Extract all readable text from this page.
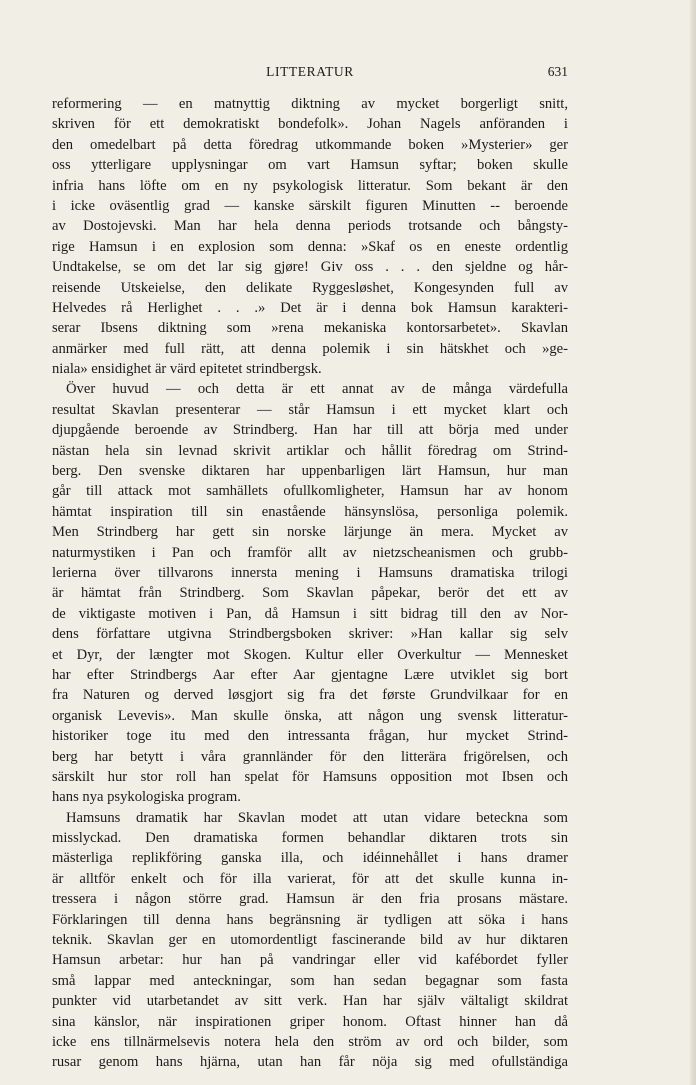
LITTERATUR	631
reformering — en matnyttig diktning av mycket borgerligt snitt,
skriven för ett demokratiskt bondefolk». Johan Nagels anföranden i
den omedelbart på detta föredrag utkommande boken »Mysterier» ger
oss ytterligare upplysningar om vart Hamsun syftar; boken skulle
infria hans löfte om en ny psykologisk litteratur. Som bekant är den
i icke oväsentlig grad — kanske särskilt figuren Minutten -- beroende
av Dostojevski. Man har hela denna periods trotsande och bångsty-
rige Hamsun i en explosion som denna: »Skaf os en eneste ordentlig
Undtakelse, se om det lar sig gjøre! Giv oss . . . den sjeldne og hår-
reisende Utskeielse, den delikate Ryggesløshet, Kongesynden full av
Helvedes rå Herlighet . . .» Det är i denna bok Hamsun karakteri-
serar Ibsens diktning som »rena mekaniska kontorsarbetet». Skavlan
anmärker med full rätt, att denna polemik i sin hätskhet och »ge-
niala» ensidighet är värd epitetet strindbergsk.
Över huvud — och detta är ett annat av de många värdefulla
resultat Skavlan presenterar — står Hamsun i ett mycket klart och
djupgående beroende av Strindberg. Han har till att börja med under
nästan hela sin levnad skrivit artiklar och hållit föredrag om Strind-
berg. Den svenske diktaren har uppenbarligen lärt Hamsun, hur man
går till attack mot samhällets ofullkomligheter, Hamsun har av honom
hämtat inspiration till sin enastående hänsynslösa, personliga polemik.
Men Strindberg har gett sin norske lärjunge än mera. Mycket av
naturmystiken i Pan och framför allt av nietzscheanismen och grubb-
lerierna över tillvarons innersta mening i Hamsuns dramatiska trilogi
är hämtat från Strindberg. Som Skavlan påpekar, berör det ett av
de viktigaste motiven i Pan, då Hamsun i sitt bidrag till den av Nor-
dens författare utgivna Strindbergsboken skriver: »Han kallar sig selv
et Dyr, der længter mot Skogen. Kultur eller Overkultur — Mennesket
har efter Strindbergs Aar efter Aar gjentagne Lære utviklet sig bort
fra Naturen og derved løsgjort sig fra det første Grundvilkaar for en
organisk Levevis». Man skulle önska, att någon ung svensk litteratur-
historiker toge itu med den intressanta frågan, hur mycket Strind-
berg har betytt i våra grannländer för den litterära frigörelsen, och
särskilt hur stor roll han spelat för Hamsuns opposition mot Ibsen och
hans nya psykologiska program.
Hamsuns dramatik har Skavlan modet att utan vidare beteckna som
misslyckad. Den dramatiska formen behandlar diktaren trots sin
mästerliga replikföring ganska illa, och idéinnehållet i hans dramer
är alltför enkelt och för illa varierat, för att det skulle kunna in-
tressera i någon större grad. Hamsun är den fria prosans mästare.
Förklaringen till denna hans begränsning är tydligen att söka i hans
teknik. Skavlan ger en utomordentligt fascinerande bild av hur diktaren
Hamsun arbetar: hur han på vandringar eller vid kafébordet fyller
små lappar med anteckningar, som han sedan begagnar som fasta
punkter vid utarbetandet av sitt verk. Han har själv vältaligt skildrat
sina känslor, när inspirationen griper honom. Oftast hinner han då
icke ens tillnärmelsevis notera hela den ström av ord och bilder, som
rusar genom hans hjärna, utan han får nöja sig med ofullständiga
